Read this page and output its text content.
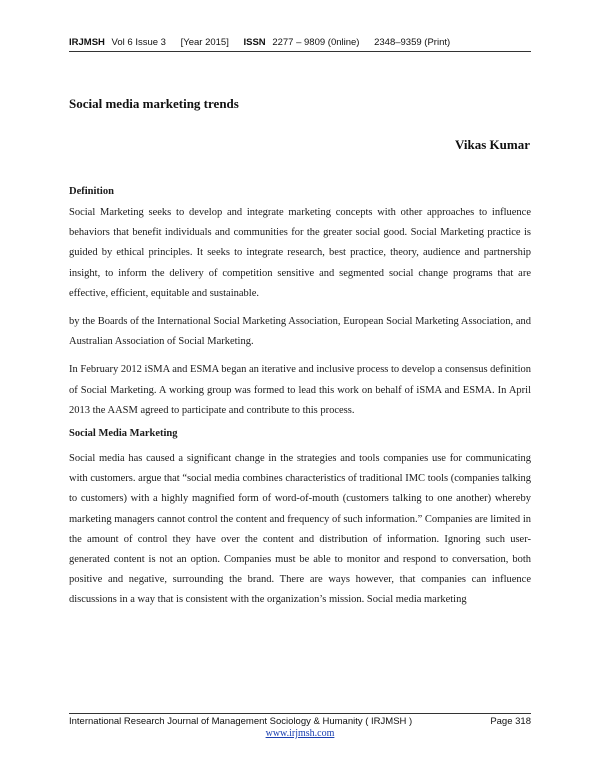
IRJMSH Vol 6 Issue 3 [Year 2015] ISSN 2277 – 9809 (0nline) 2348–9359 (Print)
Social media marketing trends
Vikas Kumar
Definition

Social Marketing seeks to develop and integrate marketing concepts with other approaches to influence behaviors that benefit individuals and communities for the greater social good. Social Marketing practice is guided by ethical principles. It seeks to integrate research, best practice, theory, audience and partnership insight, to inform the delivery of competition sensitive and segmented social change programs that are effective, efficient, equitable and sustainable.

by the Boards of the International Social Marketing Association, European Social Marketing Association, and Australian Association of Social Marketing.

In February 2012 iSMA and ESMA began an iterative and inclusive process to develop a consensus definition of Social Marketing. A working group was formed to lead this work on behalf of iSMA and ESMA. In April 2013 the AASM agreed to participate and contribute to this process.

Social Media Marketing

Social media has caused a significant change in the strategies and tools companies use for communicating with customers. argue that “social media combines characteristics of traditional IMC tools (companies talking to customers) with a highly magnified form of word-of-mouth (customers talking to one another) whereby marketing managers cannot control the content and frequency of such information.” Companies are limited in the amount of control they have over the content and distribution of information. Ignoring such user-generated content is not an option. Companies must be able to monitor and respond to conversation, both positive and negative, surrounding the brand. There are ways however, that companies can influence discussions in a way that is consistent with the organization’s mission. Social media marketing

International Research Journal of Management Sociology & Humanity ( IRJMSH )	Page 318
www.irjmsh.com
